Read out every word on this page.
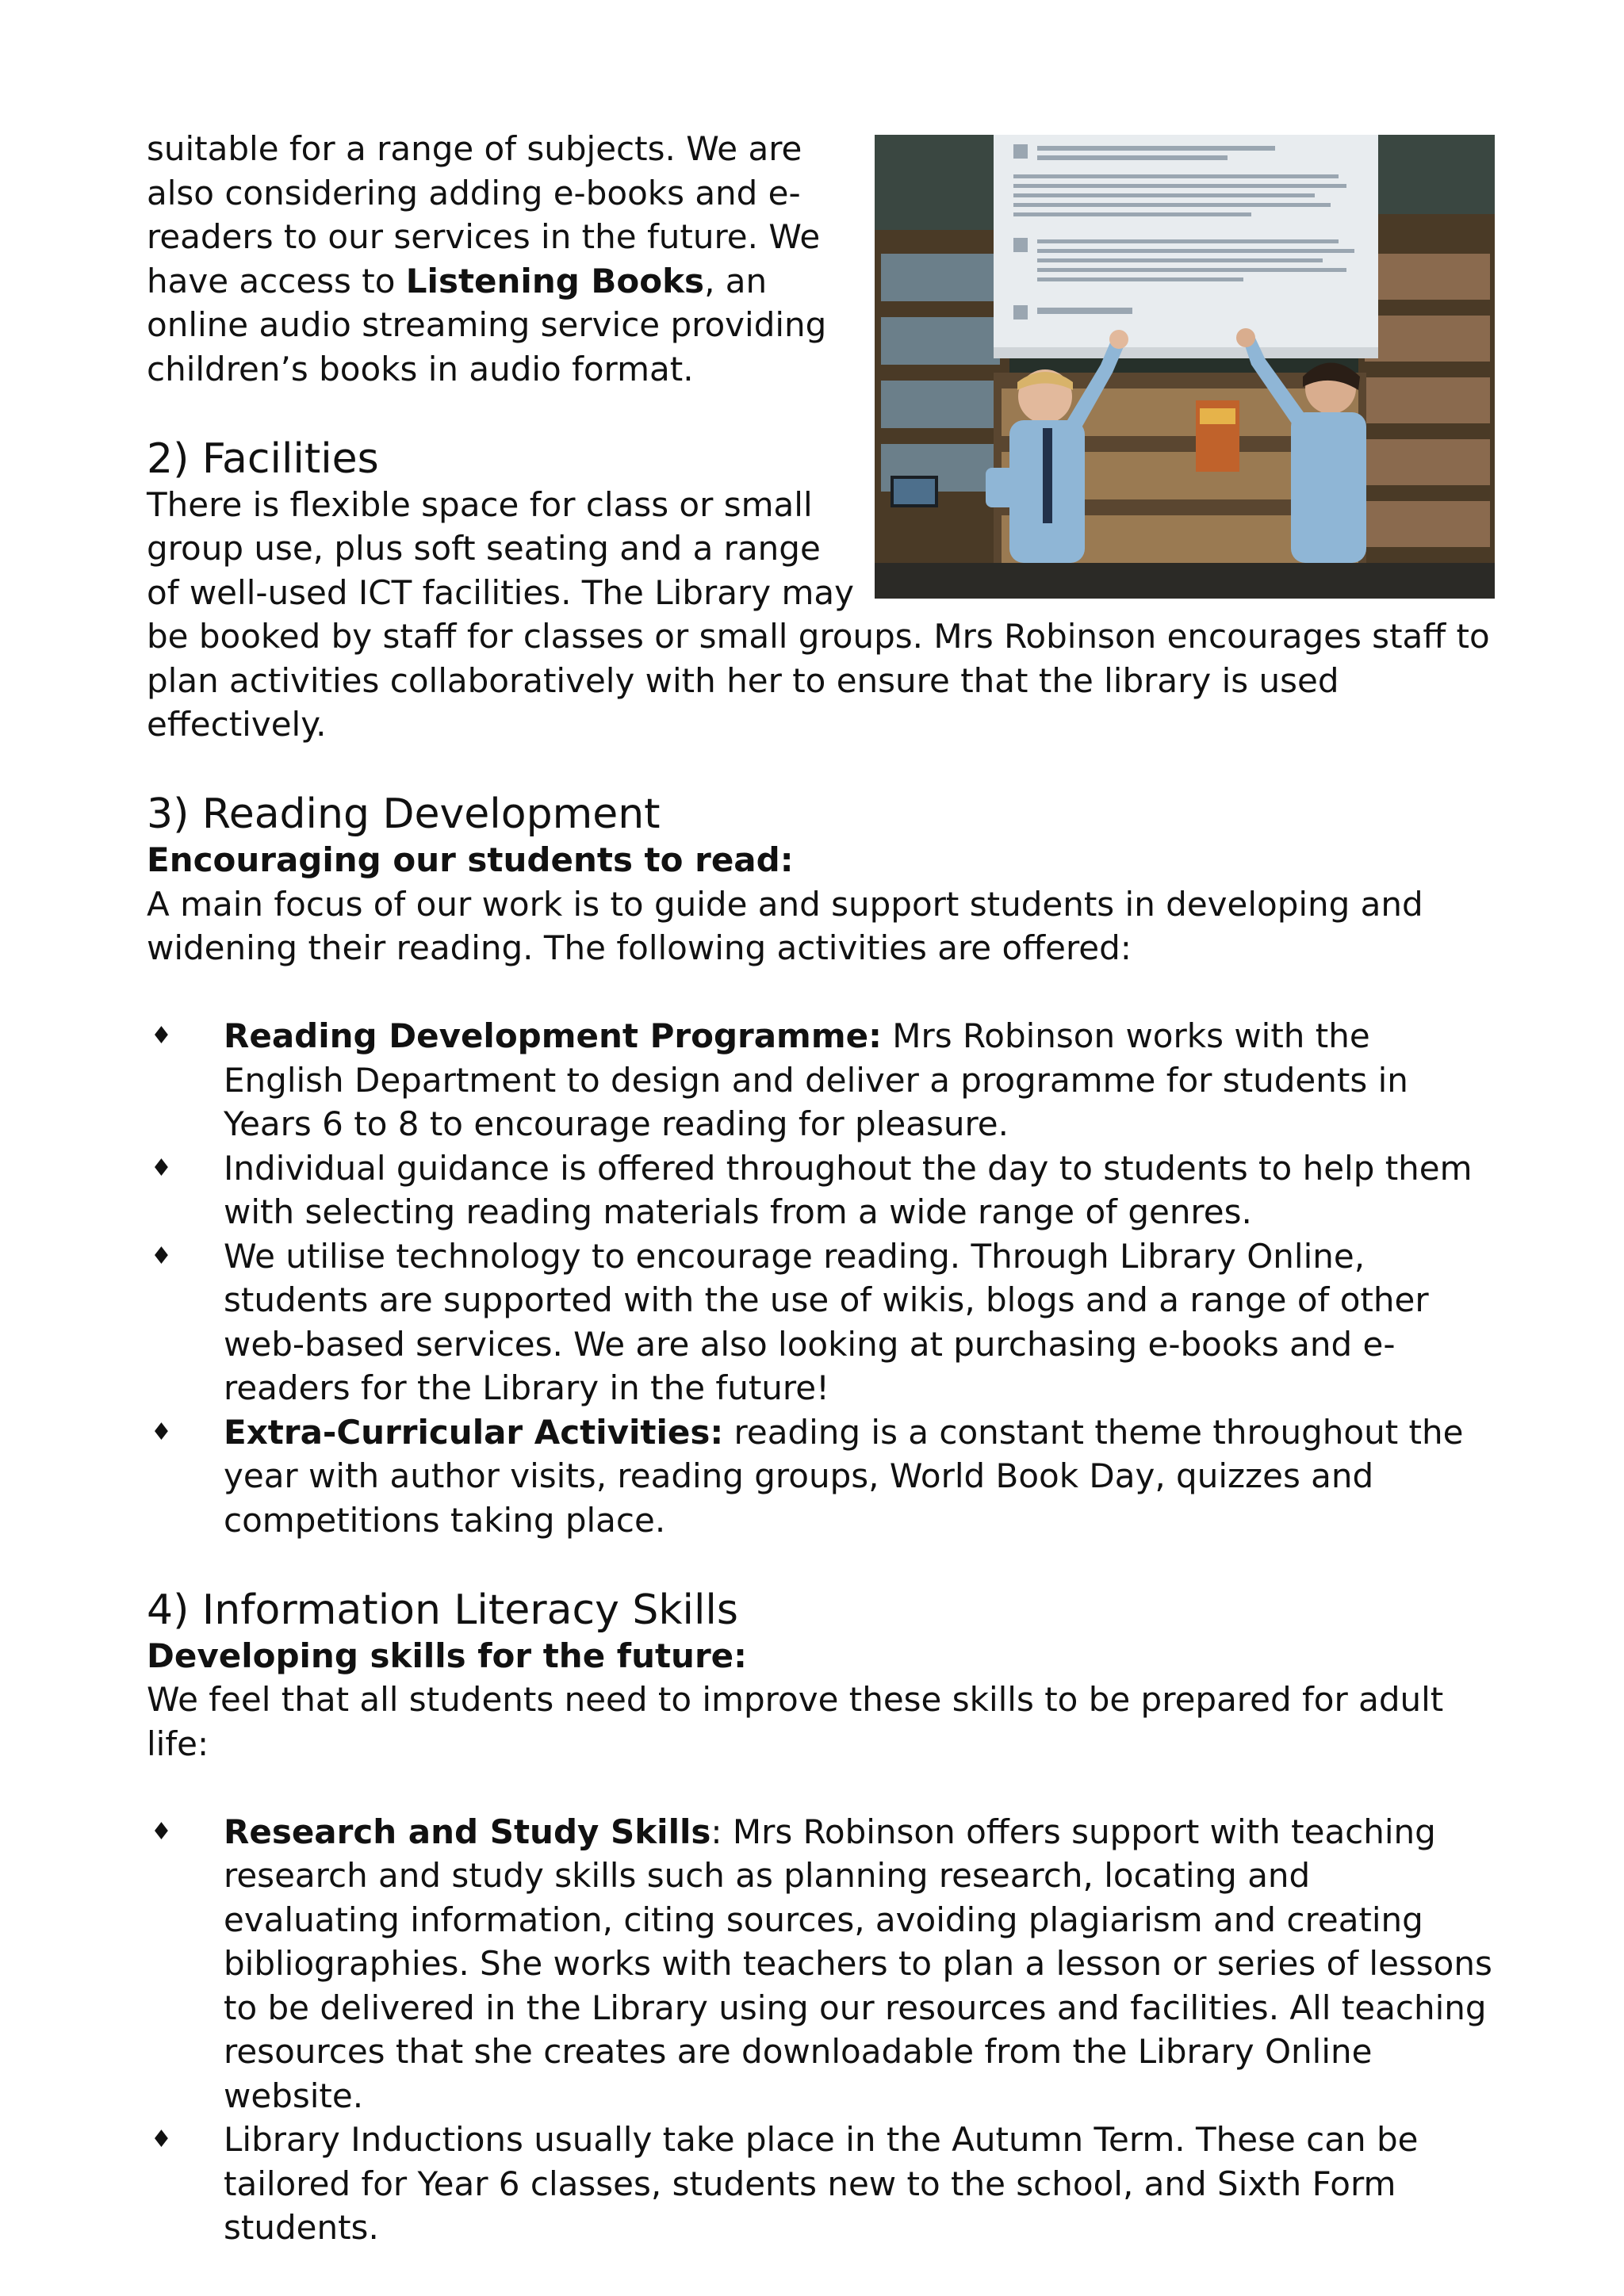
suitable for a range of subjects. We are also considering adding e-books and e-readers to our services in the future. We have access to Listening Books, an online audio streaming service providing children’s books in audio format.

2) Facilities

There is flexible space for class or small group use, plus soft seating and a range of well-used ICT facilities. The Library may be booked by staff for classes or small groups. Mrs Robinson encourages staff to plan activities collaboratively with her to ensure that the library is used effectively.

3) Reading Development

Encouraging our students to read:

A main focus of our work is to guide and support students in developing and widening their reading. The following activities are offered:

♦ Reading Development Programme: Mrs Robinson works with the English Department to design and deliver a programme for students in Years 6 to 8 to encourage reading for pleasure.

♦ Individual guidance is offered throughout the day to students to help them with selecting reading materials from a wide range of genres.

♦ We utilise technology to encourage reading. Through Library Online, students are supported with the use of wikis, blogs and a range of other web-based services. We are also looking at purchasing e-books and e-readers for the Library in the future!

♦ Extra-Curricular Activities: reading is a constant theme throughout the year with author visits, reading groups, World Book Day, quizzes and competitions taking place.

4) Information Literacy Skills

Developing skills for the future:

We feel that all students need to improve these skills to be prepared for adult life:

♦ Research and Study Skills: Mrs Robinson offers support with teaching research and study skills such as planning research, locating and evaluating information, citing sources, avoiding plagiarism and creating bibliographies. She works with teachers to plan a lesson or series of lessons to be delivered in the Library using our resources and facilities. All teaching resources that she creates are downloadable from the Library Online website.

♦ Library Inductions usually take place in the Autumn Term. These can be tailored for Year 6 classes, students new to the school, and Sixth Form students.
